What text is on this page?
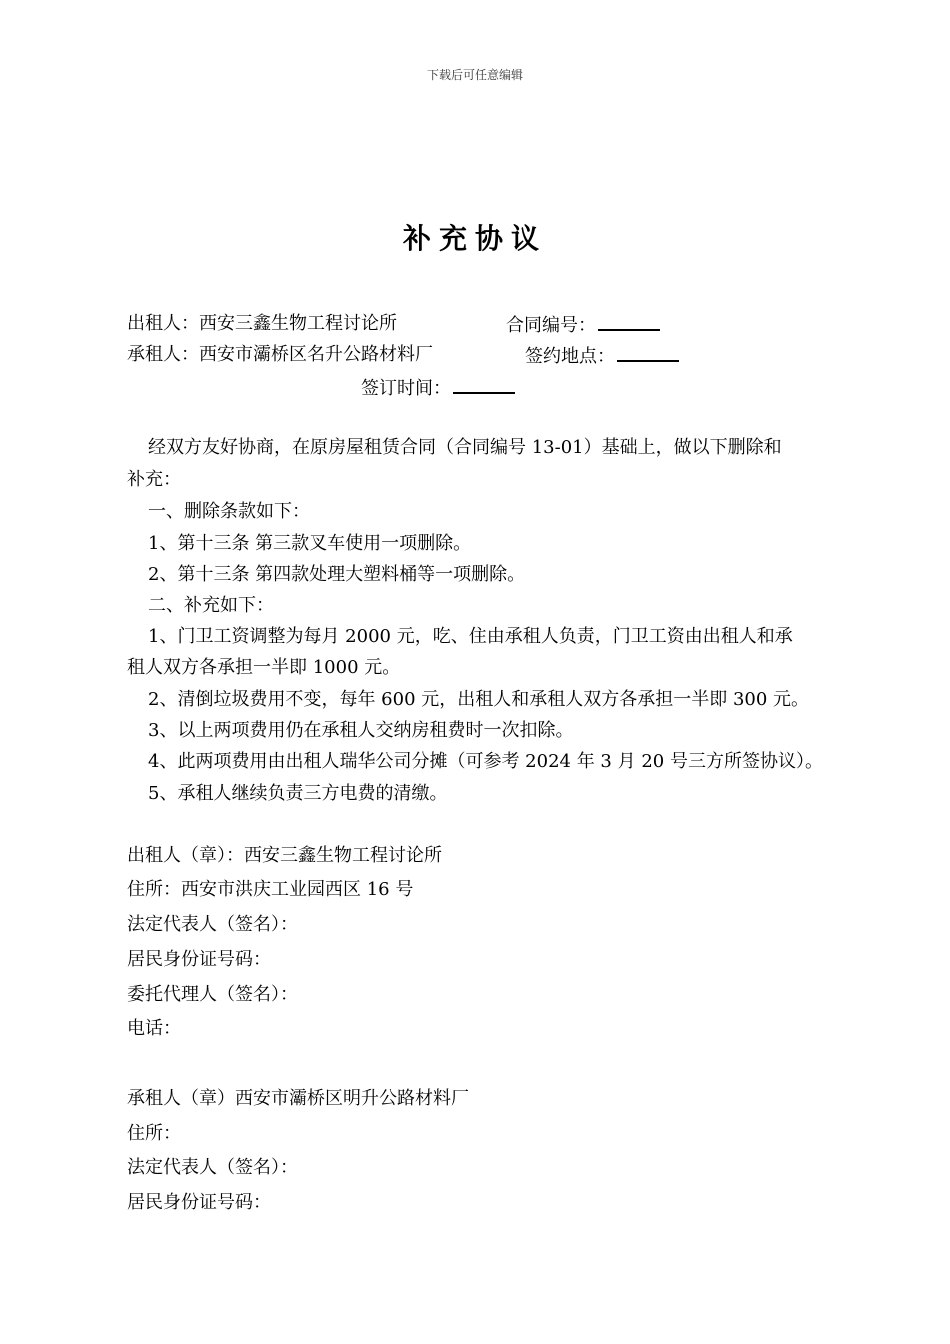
下载后可任意编辑
补充协议
出租人：西安三鑫生物工程讨论所	合同编号：
承租人：西安市灞桥区名升公路材料厂	签约地点：
签订时间：
经双方友好协商，在原房屋租赁合同（合同编号 13-01）基础上，做以下删除和
补充：
一、删除条款如下：
1、第十三条 第三款叉车使用一项删除。
2、第十三条 第四款处理大塑料桶等一项删除。
二、补充如下：
1、门卫工资调整为每月 2000 元，吃、住由承租人负责，门卫工资由出租人和承
租人双方各承担一半即 1000 元。
2、清倒垃圾费用不变，每年 600 元，出租人和承租人双方各承担一半即 300 元。
3、以上两项费用仍在承租人交纳房租费时一次扣除。
4、此两项费用由出租人瑞华公司分摊（可参考 2024 年 3 月 20 号三方所签协议）。
5、承租人继续负责三方电费的清缴。
出租人（章）：西安三鑫生物工程讨论所
住所：西安市洪庆工业园西区 16 号
法定代表人（签名）：
居民身份证号码：
委托代理人（签名）：
电话：
承租人（章）西安市灞桥区明升公路材料厂
住所：
法定代表人（签名）：
居民身份证号码：
